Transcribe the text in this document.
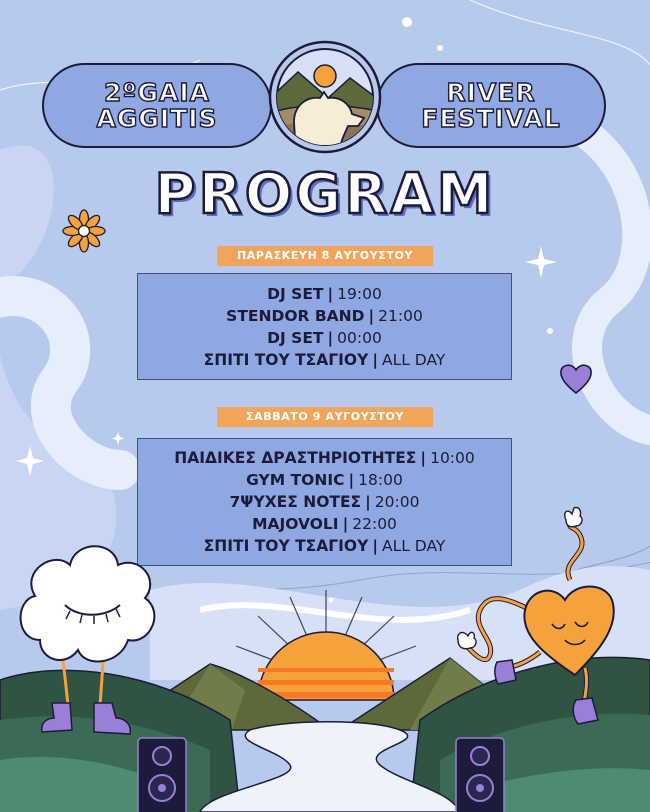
2ºGAIA
AGGITIS
RIVER
FESTIVAL
PROGRAM
ΠΑΡΑΣΚΕΥΗ 8 ΑΥΓΟΥΣΤΟΥ
DJ SET | 19:00
STENDOR BAND | 21:00
DJ SET | 00:00
ΣΠΙΤΙ ΤΟΥ ΤΣΑΓΙΟΥ | ALL DAY
ΣΑΒΒΑΤΟ 9 ΑΥΓΟΥΣΤΟΥ
ΠΑΙΔΙΚΕΣ ΔΡΑΣΤΗΡΙΟΤΗΤΕΣ | 10:00
GYM TONIC | 18:00
7ΨΥΧΕΣ ΝΟΤΕΣ | 20:00
MAJOVOLI | 22:00
ΣΠΙΤΙ ΤΟΥ ΤΣΑΓΙΟΥ | ALL DAY
